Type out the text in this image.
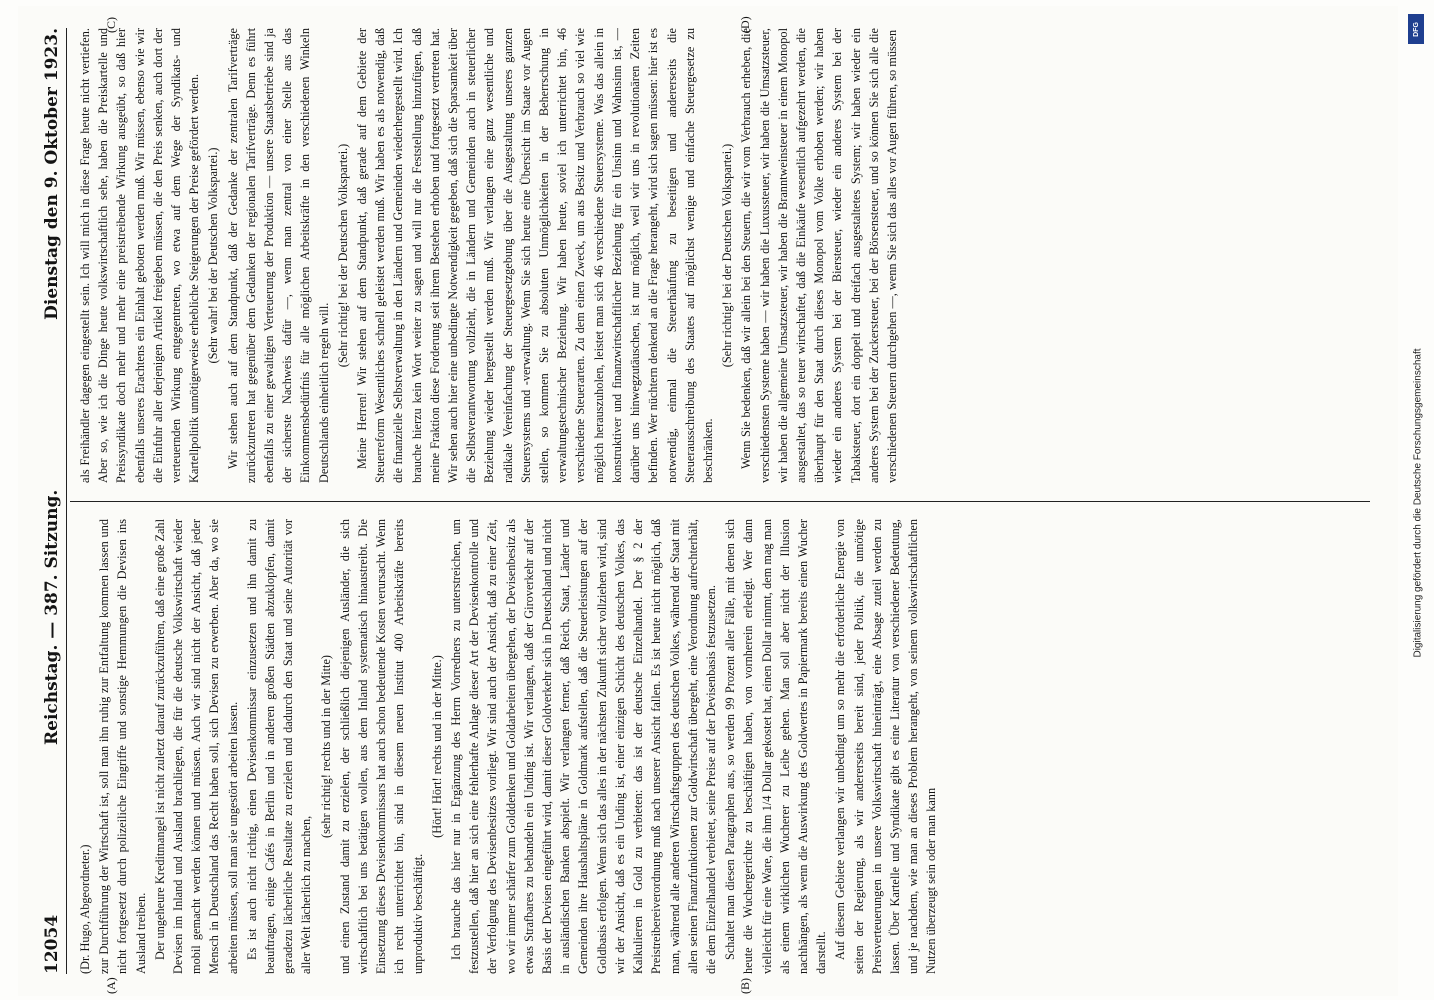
12054
Reichstag. — 387. Sitzung.
Dienstag den 9. Oktober 1923.
(A)	(B)
(C)	(D)

(Dr. Hugo, Abgeordneter.) zur Durchführung der Wirtschaft ist, soll man ihn ruhig zur Entfaltung kommen lassen und nicht fortgesetzt durch polizeiliche Eingriffe und sonstige Hemmungen die Devisen ins Ausland treiben. Der ungeheure Kreditmangel ist nicht zuletzt darauf zurückzuführen, daß eine große Zahl Devisen im Inland und Ausland brachliegen, die für die deutsche Volkswirtschaft wieder mobil gemacht werden können und müssen. Auch wir sind nicht der Ansicht, daß jeder Mensch in Deutschland das Recht haben soll, sich Devisen zu erwerben. Aber da, wo sie arbeiten müssen, soll man sie ungestört arbeiten lassen. Es ist auch nicht richtig, einen Devisenkommissar einzusetzen und ihn damit zu beauftragen, einige Cafés in Berlin und in anderen großen Städten abzuklopfen, damit geradezu lächerliche Resultate zu erzielen und dadurch den Staat und seine Autorität vor aller Welt lächerlich zu machen,

(sehr richtig! rechts und in der Mitte) und einen Zustand damit zu erzielen, der schließlich diejenigen Ausländer, die sich wirtschaftlich bei uns betätigen wollen, aus dem Inland systematisch hinaustreibt. Die Einsetzung dieses Devisenkommissars hat auch schon bedeutende Kosten verursacht. Wenn ich recht unterrichtet bin, sind in diesem neuen Institut 400 Arbeitskräfte bereits unproduktiv beschäftigt.

(Hört! Hört! rechts und in der Mitte.) Ich brauche das hier nur in Ergänzung des Herrn Vorredners zu unterstreichen, um festzustellen, daß hier an sich eine fehlerhafte Anlage dieser Art der Devisenkontrolle und der Verfolgung des Devisenbesitzes vorliegt. Wir sind auch der Ansicht, daß zu einer Zeit, wo wir immer schärfer zum Golddenken und Goldarbeiten übergehen, der Devisenbesitz als etwas Strafbares zu behandeln ein Unding ist. Wir verlangen, daß der Giroverkehr auf der Basis der Devisen eingeführt wird, damit dieser Goldverkehr sich in Deutschland und nicht in ausländischen Banken abspielt. Wir verlangen ferner, daß Reich, Staat, Länder und Gemeinden ihre Haushaltspläne in Goldmark aufstellen, daß die Steuerleistungen auf der Goldbasis erfolgen. Wenn sich das alles in der nächsten Zukunft sicher vollziehen wird, sind wir der Ansicht, daß es ein Unding ist, einer einzigen Schicht des deutschen Volkes, das Kalkulieren in Gold zu verbieten: das ist der deutsche Einzelhandel. Der § 2 der Preistreibereiverordnung muß nach unserer Ansicht fallen. Es ist heute nicht möglich, daß man, während alle anderen Wirtschaftsgruppen des deutschen Volkes, während der Staat mit allen seinen Finanzfunktionen zur Goldwirtschaft übergeht, eine Verordnung aufrechterhält, die dem Einzelhandel verbietet, seine Preise auf der Devisenbasis festzusetzen. Schaltet man diesen Paragraphen aus, so werden 99 Prozent aller Fälle, mit denen sich heute die Wuchergerichte zu beschäftigen haben, von vornherein erledigt. Wer dann vielleicht für eine Ware, die ihm 1/4 Dollar gekostet hat, einen Dollar nimmt, dem mag man als einem wirklichen Wucherer zu Leibe gehen. Man soll aber nicht der Illusion nachhängen, als wenn die Auswirkung des Goldwertes in Papiermark bereits einen Wucher darstellt. Auf diesem Gebiete verlangen wir unbedingt um so mehr die erforderliche Energie von seiten der Regierung, als wir andererseits bereit sind, jeder Politik, die unnötige Preisverteuerungen in unsere Volkswirtschaft hineinträgt, eine Absage zuteil werden zu lassen. Über Kartelle und Syndikate gibt es eine Literatur von verschiedener Bedeutung, und je nachdem, wie man an dieses Problem herangeht, von seinem volkswirtschaftlichen Nutzen überzeugt sein oder man kann

als Freihändler dagegen eingestellt sein. Ich will mich in diese Frage heute nicht vertiefen. Aber so, wie ich die Dinge heute volkswirtschaftlich sehe, haben die Preiskartelle und Preissyndikate doch mehr und mehr eine preistreibende Wirkung ausgeübt, so daß hier ebenfalls unseres Erachtens ein Einhalt geboten werden muß. Wir müssen, ebenso wie wir die Einfuhr aller derjenigen Artikel freigeben müssen, die den Preis senken, auch dort der verteuernden Wirkung entgegentreten, wo etwa auf dem Wege der Syndikats- und Kartellpolitik unnötigerweise erhebliche Steigerungen der Preise gefördert werden. (Sehr wahr! bei der Deutschen Volkspartei.) Wir stehen auch auf dem Standpunkt, daß der Gedanke der zentralen Tarifverträge zurückzutreten hat gegenüber dem Gedanken der regionalen Tarifverträge. Denn es führt ebenfalls zu einer gewaltigen Verteuerung der Produktion — unsere Staatsbetriebe sind ja der sicherste Nachweis dafür —, wenn man zentral von einer Stelle aus das Einkommensbedürfnis für alle möglichen Arbeitskräfte in den verschiedenen Winkeln Deutschlands einheitlich regeln will.

(Sehr richtig! bei der Deutschen Volkspartei.) Meine Herren! Wir stehen auf dem Standpunkt, daß gerade auf dem Gebiete der Steuerreform Wesentliches schnell geleistet werden muß. Wir haben es als notwendig, daß die finanzielle Selbstverwaltung in den Ländern und Gemeinden wiederhergestellt wird. Ich brauche hierzu kein Wort weiter zu sagen und will nur die Feststellung hinzufügen, daß meine Fraktion diese Forderung seit ihrem Bestehen erhoben und fortgesetzt vertreten hat. Wir sehen auch hier eine unbedingte Notwendigkeit gegeben, daß sich die Sparsamkeit über die Selbstverantwortung vollzieht, die in Ländern und Gemeinden auch in steuerlicher Beziehung wieder hergestellt werden muß. Wir verlangen eine ganz wesentliche und radikale Vereinfachung der Steuergesetzgebung über die Ausgestaltung unseres ganzen Steuersystems und -verwaltung. Wenn Sie sich heute eine Übersicht im Staate vor Augen stellen, so kommen Sie zu absoluten Unmöglichkeiten in der Beherrschung in verwaltungstechnischer Beziehung. Wir haben heute, soviel ich unterrichtet bin, 46 verschiedene Steuerarten. Zu dem einen Zweck, um aus Besitz und Verbrauch so viel wie möglich herauszuholen, leistet man sich 46 verschiedene Steuersysteme. Was das allein in konstruktiver und finanzwirtschaftlicher Beziehung für ein Unsinn und Wahnsinn ist, — darüber uns hinwegzutäuschen, ist nur möglich, weil wir uns in revolutionären Zeiten befinden. Wer nüchtern denkend an die Frage herangeht, wird sich sagen müssen: hier ist es notwendig, einmal die Steuerhäufung zu beseitigen und andererseits die Steuerausschreibung des Staates auf möglichst wenige und einfache Steuergesetze zu beschränken.

(Sehr richtig! bei der Deutschen Volkspartei.) Wenn Sie bedenken, daß wir allein bei den Steuern, die wir vom Verbrauch erheben, die verschiedensten Systeme haben — wir haben die Luxussteuer, wir haben die Umsatzsteuer, wir haben die allgemeine Umsatzsteuer, wir haben die Branntweinsteuer in einem Monopol ausgestaltet, das so teuer wirtschaftet, daß die Einkäufe wesentlich aufgezehrt werden, die überhaupt für den Staat durch dieses Monopol vom Volke erhoben werden; wir haben wieder ein anderes System bei der Biersteuer, wieder ein anderes System bei der Tabaksteuer, dort ein doppelt und dreifach ausgestaltetes System; wir haben wieder ein anderes System bei der Zuckersteuer, bei der Börsensteuer, und so können Sie sich alle die verschiedenen Steuern durchgehen —, wenn Sie sich das alles vor Augen führen, so müssen

DFG
Digitalisierung gefördert durch die Deutsche Forschungsgemeinschaft
